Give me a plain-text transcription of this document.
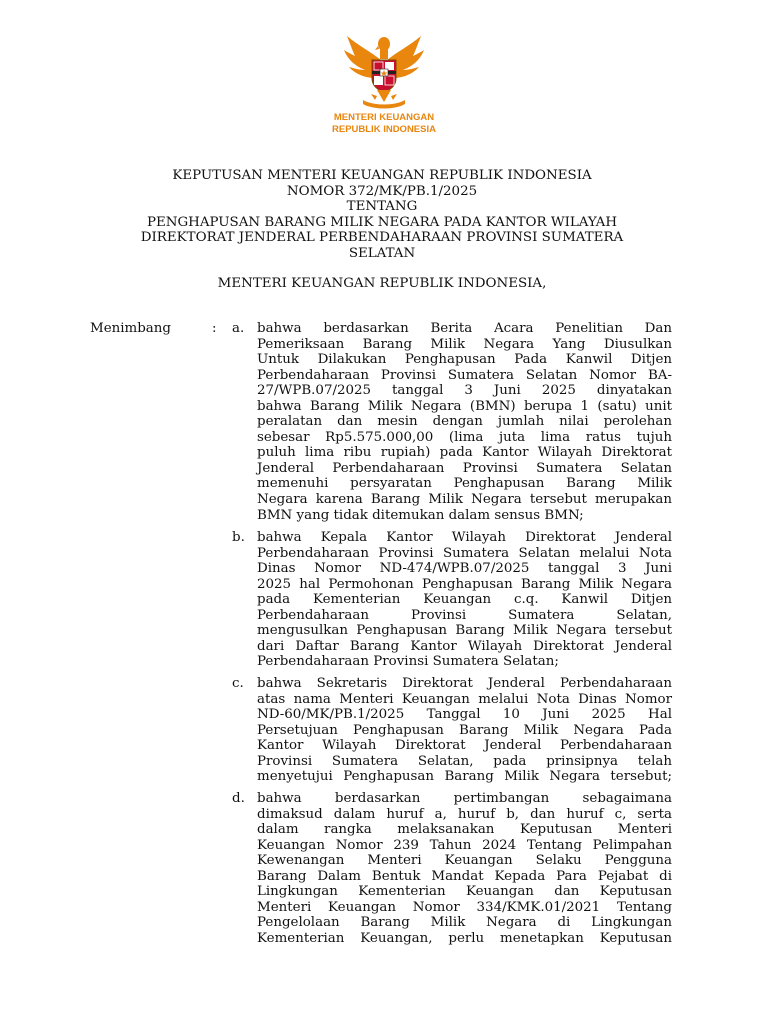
MENTERI KEUANGAN
REPUBLIK INDONESIA
KEPUTUSAN MENTERI KEUANGAN REPUBLIK INDONESIA
NOMOR 372/MK/PB.1/2025
TENTANG
PENGHAPUSAN BARANG MILIK NEGARA PADA KANTOR WILAYAH
DIREKTORAT JENDERAL PERBENDAHARAAN PROVINSI SUMATERA
SELATAN
MENTERI KEUANGAN REPUBLIK INDONESIA,
Menimbang	: a. bahwa berdasarkan Berita Acara Penelitian Dan
Pemeriksaan Barang Milik Negara Yang Diusulkan
Untuk Dilakukan Penghapusan Pada Kanwil Ditjen
Perbendaharaan Provinsi Sumatera Selatan Nomor BA-
27/WPB.07/2025 tanggal 3 Juni 2025 dinyatakan
bahwa Barang Milik Negara (BMN) berupa 1 (satu) unit
peralatan dan mesin dengan jumlah nilai perolehan
sebesar Rp5.575.000,00 (lima juta lima ratus tujuh
puluh lima ribu rupiah) pada Kantor Wilayah Direktorat
Jenderal Perbendaharaan Provinsi Sumatera Selatan
memenuhi persyaratan Penghapusan Barang Milik
Negara karena Barang Milik Negara tersebut merupakan
BMN yang tidak ditemukan dalam sensus BMN;
b. bahwa Kepala Kantor Wilayah Direktorat Jenderal
Perbendaharaan Provinsi Sumatera Selatan melalui Nota
Dinas Nomor ND-474/WPB.07/2025 tanggal 3 Juni
2025 hal Permohonan Penghapusan Barang Milik Negara
pada Kementerian Keuangan c.q. Kanwil Ditjen
Perbendaharaan Provinsi Sumatera Selatan,
mengusulkan Penghapusan Barang Milik Negara tersebut
dari Daftar Barang Kantor Wilayah Direktorat Jenderal
Perbendaharaan Provinsi Sumatera Selatan;
c. bahwa Sekretaris Direktorat Jenderal Perbendaharaan
atas nama Menteri Keuangan melalui Nota Dinas Nomor
ND-60/MK/PB.1/2025 Tanggal 10 Juni 2025 Hal
Persetujuan Penghapusan Barang Milik Negara Pada
Kantor Wilayah Direktorat Jenderal Perbendaharaan
Provinsi Sumatera Selatan, pada prinsipnya telah
menyetujui Penghapusan Barang Milik Negara tersebut;
d. bahwa berdasarkan pertimbangan sebagaimana
dimaksud dalam huruf a, huruf b, dan huruf c, serta
dalam rangka melaksanakan Keputusan Menteri
Keuangan Nomor 239 Tahun 2024 Tentang Pelimpahan
Kewenangan Menteri Keuangan Selaku Pengguna
Barang Dalam Bentuk Mandat Kepada Para Pejabat di
Lingkungan Kementerian Keuangan dan Keputusan
Menteri Keuangan Nomor 334/KMK.01/2021 Tentang
Pengelolaan Barang Milik Negara di Lingkungan
Kementerian Keuangan, perlu menetapkan Keputusan
